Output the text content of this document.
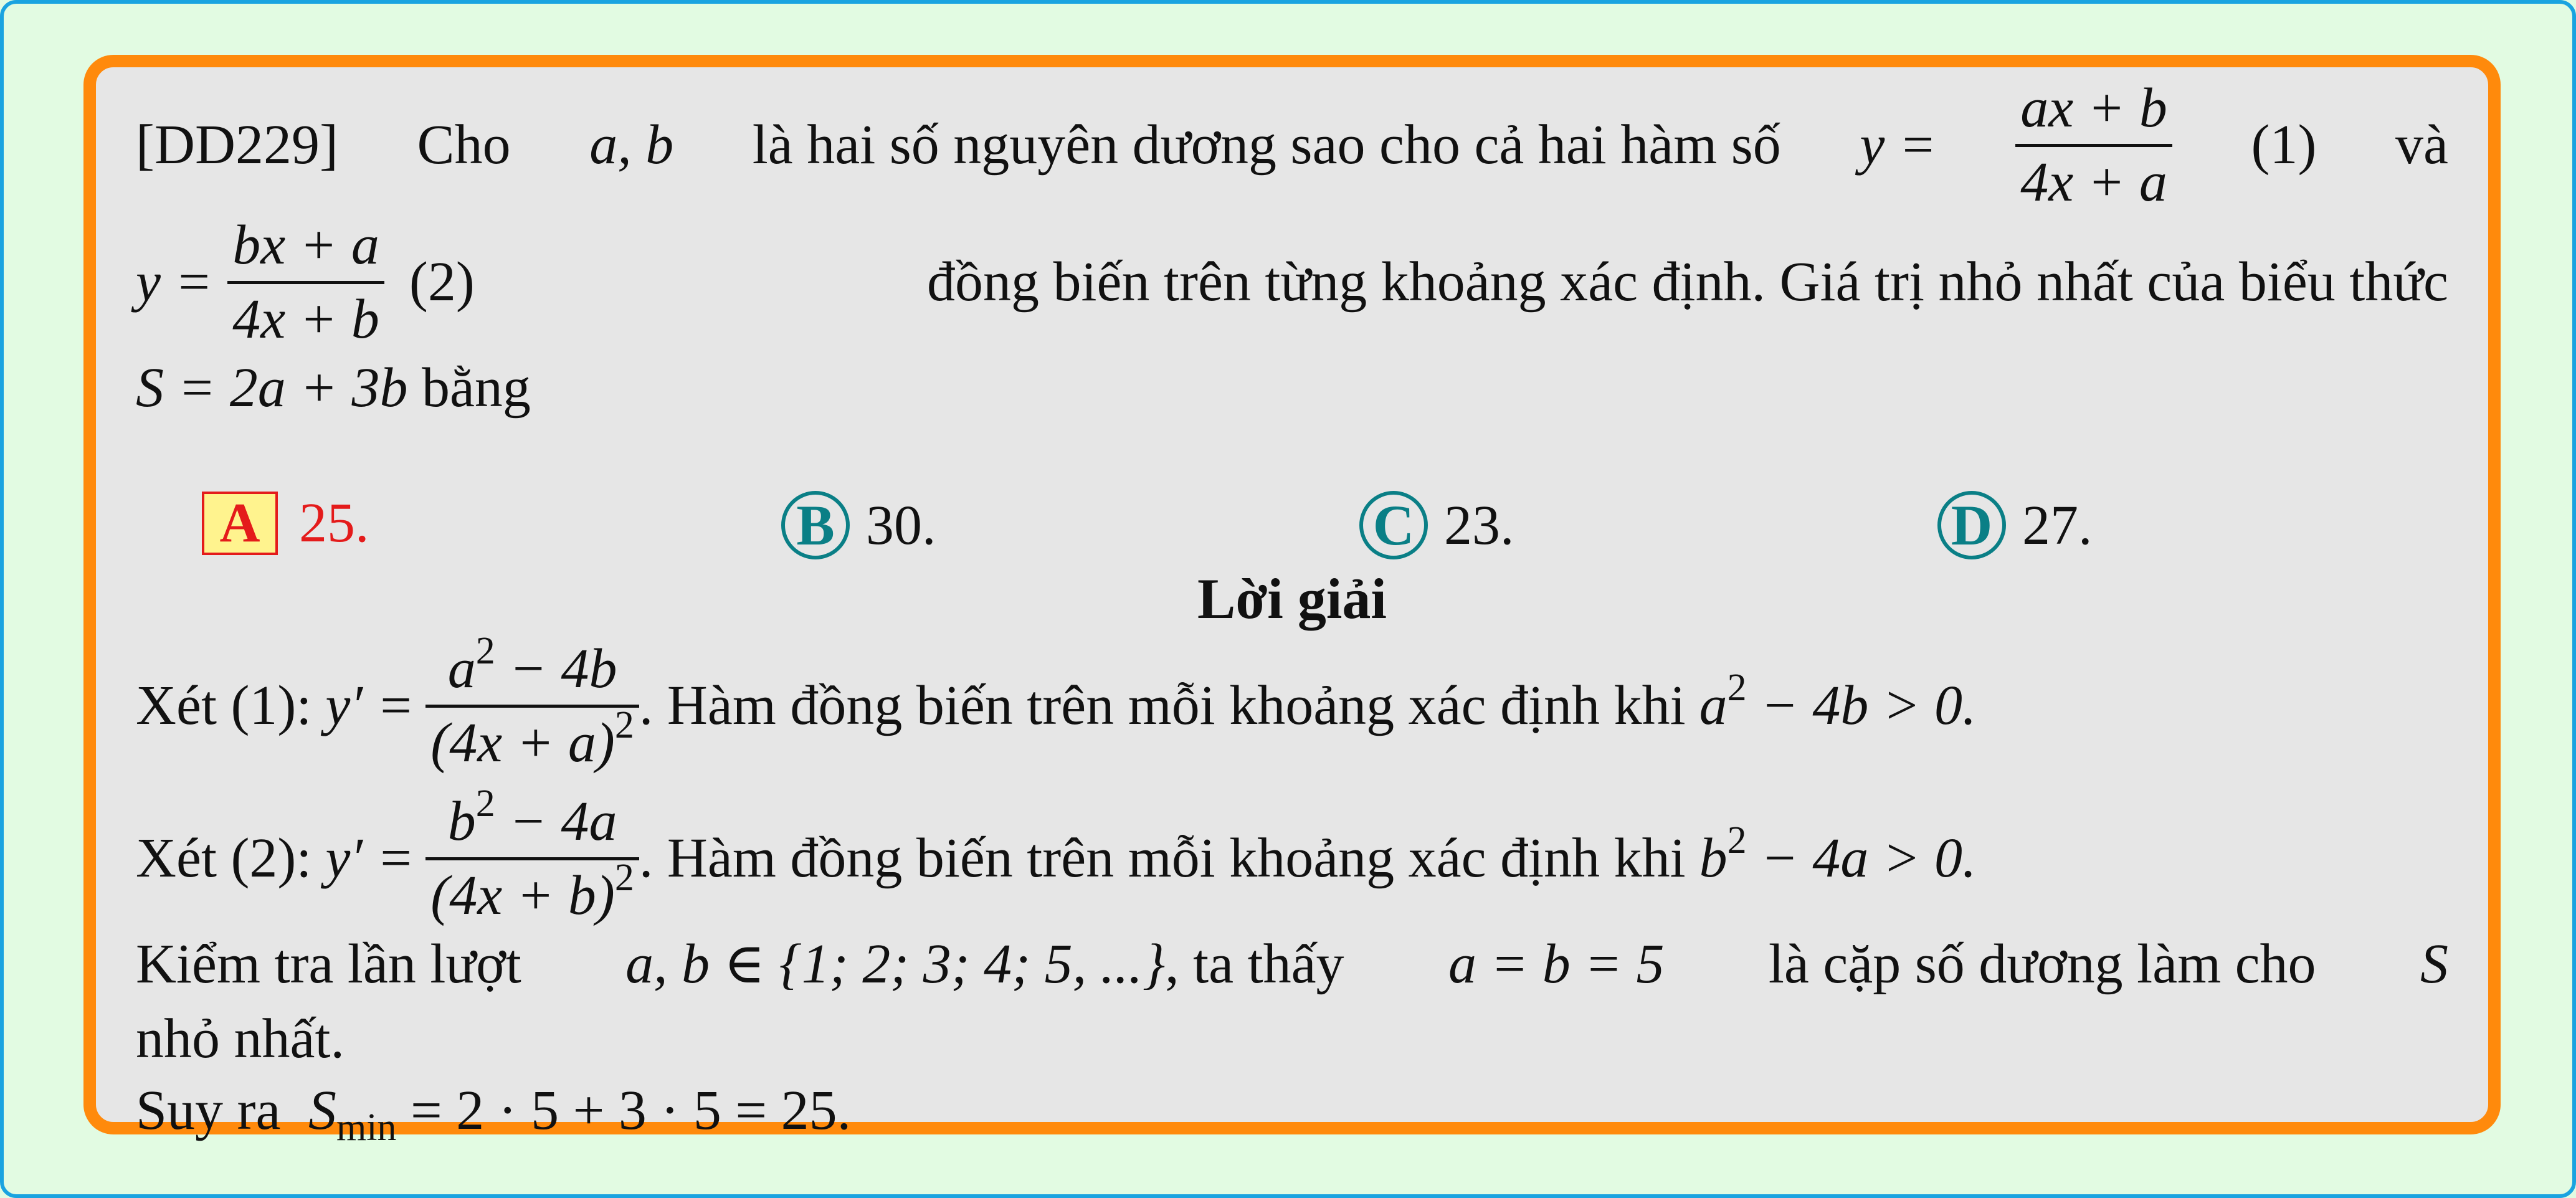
[DD229] Cho a, b là hai số nguyên dương sao cho cả hai hàm số y =
ax + b
4x + a
(1) và
y =
bx + a
4x + b
(2)	đồng biến trên từng khoảng xác định. Giá trị nhỏ nhất của biểu thức
S = 2a + 3b bằng
A 25.	B 30.	C 23.	D 27.
Lời giải
Xét (1): y′ =
$a^2 - 4b$
$(4x + a)^2$ . Hàm đồng biến trên mỗi khoảng xác định khi $a^2 - 4b > 0$.
Xét (2): y′ =
$b^2 - 4a$
$(4x + b)^2$ . Hàm đồng biến trên mỗi khoảng xác định khi $b^2 - 4a > 0$.
Kiểm tra lần lượt a, b ∈ {1; 2; 3; 4; 5, ...}, ta thấy a = b = 5 là cặp số dương làm cho S
nhỏ nhất.
Suy ra $S_{min} = 2 \cdot 5 + 3 \cdot 5 = 25$.
